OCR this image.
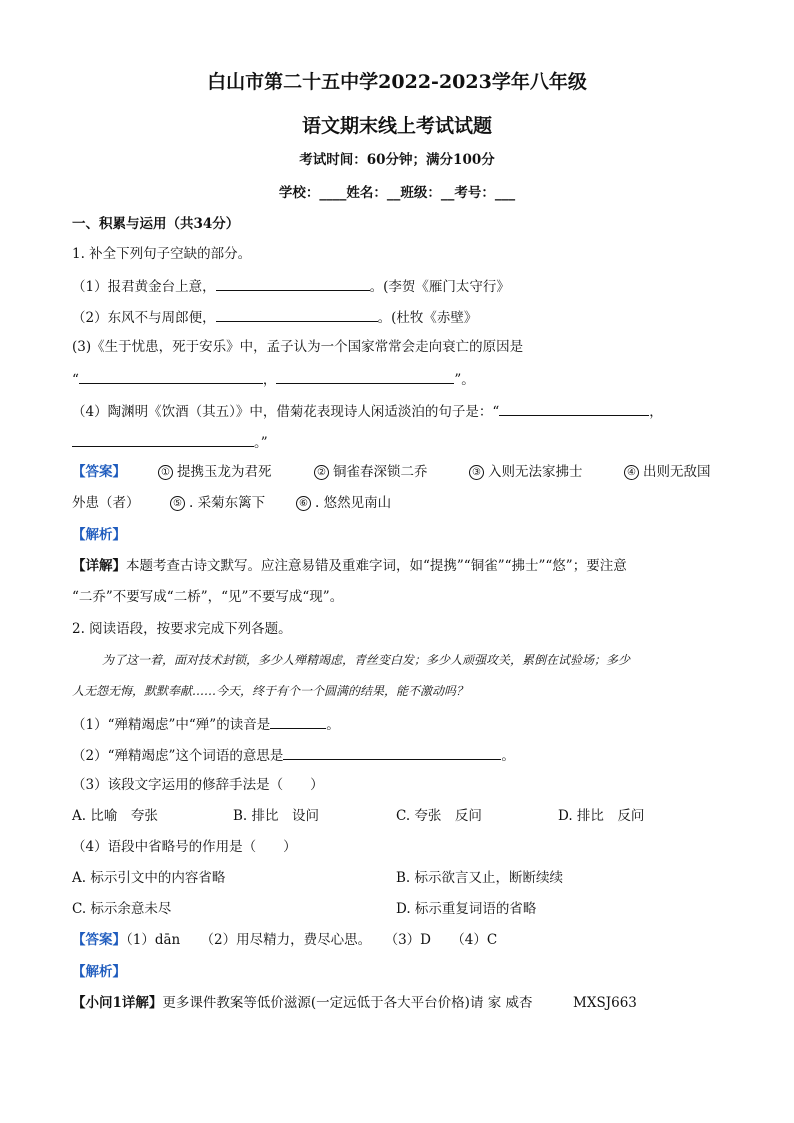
白山市第二十五中学2022-2023学年八年级
语文期末线上考试试题
考试时间：60分钟；满分100分
学校：____姓名：__班级：__考号：___
一、积累与运用（共34分）
1. 补全下列句子空缺的部分。
（1）报君黄金台上意，	。(李贺《雁门太守行》
（2）东风不与周郎便，	。(杜牧《赤壁》
(3)《生于忧患，死于安乐》中，孟子认为一个国家常常会走向衰亡的原因是
“	，	”。
（4）陶渊明《饮酒（其五）》中，借菊花表现诗人闲适淡泊的句子是：“	，
。”
【答案】	① 提携玉龙为君死	② 铜雀春深锁二乔	③ 入则无法家拂士	④ 出则无敌国
外患（者）	⑤ . 采菊东篱下	⑥ . 悠然见南山
【解析】
【详解】本题考查古诗文默写。应注意易错及重难字词，如“提携”“铜雀”“拂士”“悠”；要注意
“二乔”不要写成“二桥”，“见”不要写成“现”。
2. 阅读语段，按要求完成下列各题。
为了这一着，面对技术封锁，多少人殚精竭虑，青丝变白发；多少人顽强攻关，累倒在试验场；多少
人无怨无悔，默默奉献……今天，终于有个一个圆满的结果，能不激动吗？
（1）“殚精竭虑”中“殚”的读音是	。
（2）“殚精竭虑”这个词语的意思是	。
（3）该段文字运用的修辞手法是（　　）
A. 比喻　夸张	B. 排比　设问	C. 夸张　反问	D. 排比　反问
（4）语段中省略号的作用是（　　）
A. 标示引文中的内容省略	B. 标示欲言又止，断断续续
C. 标示余意未尽	D. 标示重复词语的省略
【答案】（1）dān　　（2）用尽精力，费尽心思。　　（3）D　　（4）C
【解析】
【小问1详解】更多课件教案等低价滋源(一定远低于各大平台价格)请 家 威杏　　　MXSJ663
